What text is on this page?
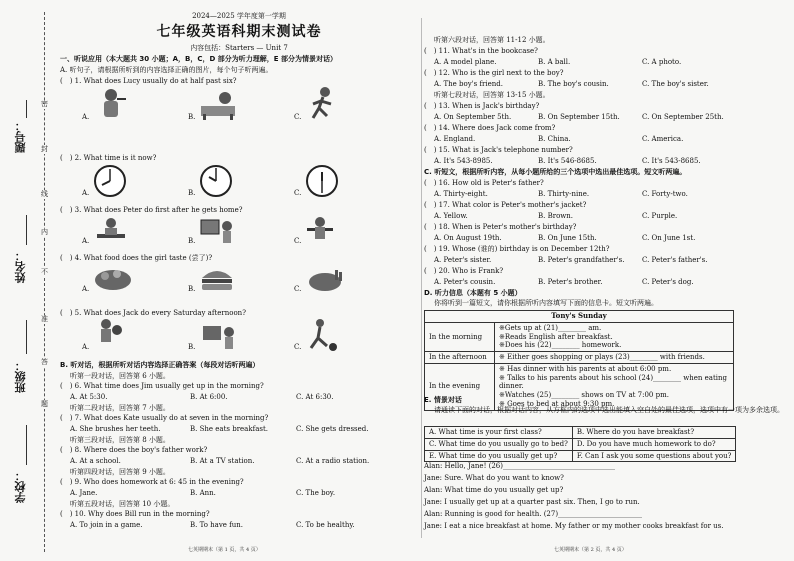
题号：
姓名：
班级：
学校：
密
封
线
内
不
准
答
题
2024—2025 学年度第一学期
七年级英语科期末测试卷
内容包括：Starters — Unit 7
一、听说应用（本大题共 30 小题；A，B，C，D 部分为听力理解，E 部分为情景对话）
A. 听句子，请根据所听到的内容选择正确的图片，每个句子听两遍。
(　) 1. What does Lucy usually do at half past six?
A.	B.	C.
(　) 2. What time is it now?
A.	B.	C.
(　) 3. What does Peter do first after he gets home?
A.	B.	C.
(　) 4. What food does the girl taste (尝了)?
A.	B.	C.
(　) 5. What does Jack do every Saturday afternoon?
A.	B.	C.
B. 听对话，根据所听对话内容选择正确答案（每段对话听两遍）
听第一段对话，回答第 6 小题。
(　) 6. What time does Jim usually get up in the morning?
A. At 5:30.	B. At 6:00.	C. At 6:30.
听第二段对话，回答第 7 小题。
(　) 7. What does Kate usually do at seven in the morning?
A. She brushes her teeth.	B. She eats breakfast.	C. She gets dressed.
听第三段对话，回答第 8 小题。
(　) 8. Where does the boy's father work?
A. At a school.	B. At a TV station.	C. At a radio station.
听第四段对话，回答第 9 小题。
(　) 9. Who does homework at 6: 45 in the evening?
A. Jane.	B. Ann.	C. The boy.
听第五段对话，回答第 10 小题。
(　) 10. Why does Bill run in the morning?
A. To join in a game.	B. To have fun.	C. To be healthy.
七英期期末（第 1 页，共 4 页）
听第六段对话，回答第 11-12 小题。
(　) 11. What's in the bookcase?
A. A model plane.	B. A ball.	C. A photo.
(　) 12. Who is the girl next to the boy?
A. The boy's friend.	B. The boy's cousin.	C. The boy's sister.
听第七段对话，回答第 13-15 小题。
(　) 13. When is Jack's birthday?
A. On September 5th.	B. On September 15th.	C. On September 25th.
(　) 14. Where does Jack come from?
A. England.	B. China.	C. America.
(　) 15. What is Jack's telephone number?
A. It's 543-8985.	B. It's 546-8685.	C. It's 543-8685.
C. 听短文，根据所听内容，从每小题所给的三个选项中选出最佳选项。短文听两遍。
(　) 16. How old is Peter's father?
A. Thirty-eight.	B. Thirty-nine.	C. Forty-two.
(　) 17. What color is Peter's mother's jacket?
A. Yellow.	B. Brown.	C. Purple.
(　) 18. When is Peter's mother's birthday?
A. On August 19th.	B. On June 15th.	C. On June 1st.
(　) 19. Whose (谁的) birthday is on December 12th?
A. Peter's sister.	B. Peter's grandfather's.	C. Peter's father's.
(　) 20. Who is Frank?
A. Peter's cousin.	B. Peter's brother.	C. Peter's dog.
D. 听力信息（本题有 5 小题）
你将听到一篇短文，请你根据所听内容填写下面的信息卡。短文听两遍。
Tony's Sunday	
In the morning	※Gets up at (21)________ am.
※Reads English after breakfast.
※Does his (22)________ homework.

In the afternoon	※ Either goes shopping or plays (23)________ with friends.
In the evening	※ Has dinner with his parents at about 6:00 pm.
※ Talks to his parents about his school (24)________ when eating dinner.
※Watches (25)________ shows on TV at 7:00 pm.
※ Goes to bed at about 9:30 pm.
E. 情景对话
请通读下面的对话，根据对话内容，从方框内的选项中选出能填入空白处的最佳选项，选项中有一项为多余选项。
A. What time is your first class?	B. Where do you have breakfast?
C. What time do you usually go to bed?	D. Do you have much homework to do?
E. What time do you usually get up?	F. Can I ask you some questions about you?
Alan: Hello, Jane! (26)________________________________
Jane: Sure. What do you want to know?
Alan: What time do you usually get up?
Jane: I usually get up at a quarter past six. Then, I go to run.
Alan: Running is good for health. (27)________________________
Jane: I eat a nice breakfast at home. My father or my mother cooks breakfast for us.
七英期期末（第 2 页，共 4 页）
